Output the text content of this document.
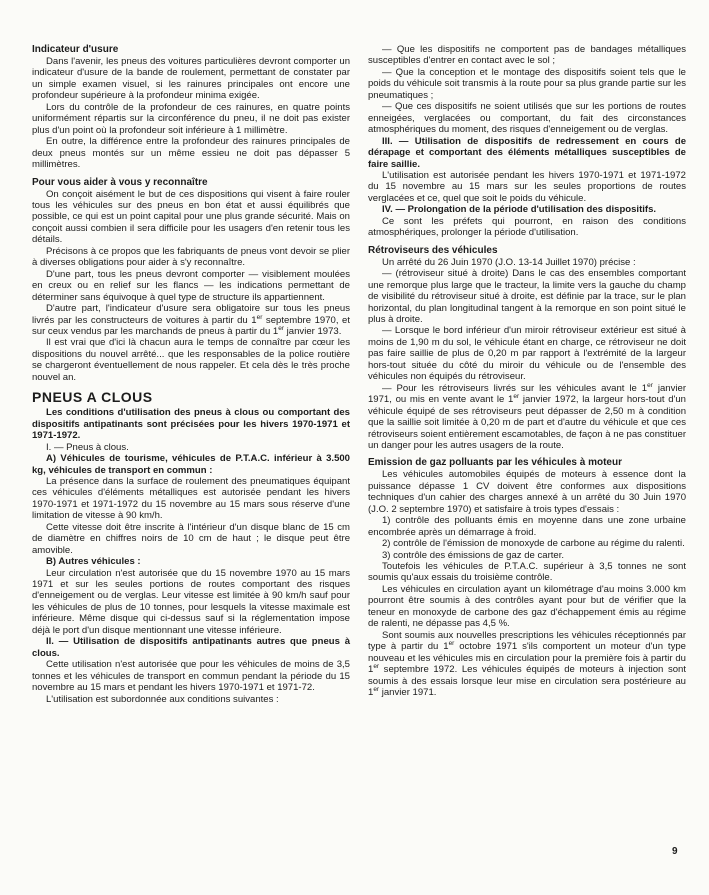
Indicateur d'usure

Dans l'avenir, les pneus des voitures particulières devront comporter un indicateur d'usure de la bande de roulement, permettant de constater par un simple examen visuel, si les rainures principales ont encore une profondeur supérieure à la profondeur minima exigée.

Lors du contrôle de la profondeur de ces rainures, en quatre points uniformément répartis sur la circonférence du pneu, il ne doit pas exister plus d'un point où la profondeur soit inférieure à 1 millimètre.

En outre, la différence entre la profondeur des rainures principales de deux pneus montés sur un même essieu ne doit pas dépasser 5 millimètres.

Pour vous aider à vous y reconnaître

On conçoit aisément le but de ces dispositions qui visent à faire rouler tous les véhicules sur des pneus en bon état et aussi équilibrés que possible, ce qui est un point capital pour une plus grande sécurité. Mais on conçoit aussi combien il sera difficile pour les usagers d'en retenir tous les détails.

Précisons à ce propos que les fabriquants de pneus vont devoir se plier à diverses obligations pour aider à s'y reconnaître.

D'une part, tous les pneus devront comporter — visiblement moulées en creux ou en relief sur les flancs — les indications permettant de déterminer sans équivoque à quel type de structure ils appartiennent.

D'autre part, l'indicateur d'usure sera obligatoire sur tous les pneus livrés par les constructeurs de voitures à partir du 1er septembre 1970, et sur ceux vendus par les marchands de pneus à partir du 1er janvier 1973.

Il est vrai que d'ici là chacun aura le temps de connaître par cœur les dispositions du nouvel arrêté... que les responsables de la police routière se chargeront éventuellement de nous rappeler. Et cela dès le très proche nouvel an.

PNEUS A CLOUS

Les conditions d'utilisation des pneus à clous ou comportant des dispositifs antipatinants sont précisées pour les hivers 1970-1971 et 1971-1972.

I. — Pneus à clous.

A) Véhicules de tourisme, véhicules de P.T.A.C. inférieur à 3.500 kg, véhicules de transport en commun :

La présence dans la surface de roulement des pneumatiques équipant ces véhicules d'éléments métalliques est autorisée pendant les hivers 1970-1971 et 1971-1972 du 15 novembre au 15 mars sous réserve d'une limitation de vitesse à 90 km/h.

Cette vitesse doit être inscrite à l'intérieur d'un disque blanc de 15 cm de diamètre en chiffres noirs de 10 cm de haut ; le disque peut être amovible.

B) Autres véhicules :

Leur circulation n'est autorisée que du 15 novembre 1970 au 15 mars 1971 et sur les seules portions de routes comportant des risques d'enneigement ou de verglas. Leur vitesse est limitée à 90 km/h sauf pour les véhicules de plus de 10 tonnes, pour lesquels la vitesse maximale est inférieure. Même disque qui ci-dessus sauf si la réglementation impose déjà le port d'un disque mentionnant une vitesse inférieure.

II. — Utilisation de dispositifs antipatinants autres que pneus à clous.

Cette utilisation n'est autorisée que pour les véhicules de moins de 3,5 tonnes et les véhicules de transport en commun pendant la période du 15 novembre au 15 mars et pendant les hivers 1970-1971 et 1971-72.

L'utilisation est subordonnée aux conditions suivantes :

— Que les dispositifs ne comportent pas de bandages métalliques susceptibles d'entrer en contact avec le sol ;

— Que la conception et le montage des dispositifs soient tels que le poids du véhicule soit transmis à la route pour sa plus grande partie sur les pneumatiques ;

— Que ces dispositifs ne soient utilisés que sur les portions de routes enneigées, verglacées ou comportant, du fait des circonstances atmosphériques du moment, des risques d'enneigement ou de verglas.

III. — Utilisation de dispositifs de redressement en cours de dérapage et comportant des éléments métalliques susceptibles de faire saillie.

L'utilisation est autorisée pendant les hivers 1970-1971 et 1971-1972 du 15 novembre au 15 mars sur les seules proportions de routes verglacées et ce, quel que soit le poids du véhicule.

IV. — Prolongation de la période d'utilisation des dispositifs.

Ce sont les préfets qui pourront, en raison des conditions atmosphériques, prolonger la période d'utilisation.

Rétroviseurs des véhicules

Un arrêté du 26 Juin 1970 (J.O. 13-14 Juillet 1970) précise :

— (rétroviseur situé à droite) Dans le cas des ensembles comportant une remorque plus large que le tracteur, la limite vers la gauche du champ de visibilité du rétroviseur situé à droite, est définie par la trace, sur le plan horizontal, du plan longitudinal tangent à la remorque en son point situé le plus à droite.

— Lorsque le bord inférieur d'un miroir rétroviseur extérieur est situé à moins de 1,90 m du sol, le véhicule étant en charge, ce rétroviseur ne doit pas faire saillie de plus de 0,20 m par rapport à l'extrémité de la largeur hors-tout située du côté du miroir du véhicule ou de l'ensemble des véhicules non équipés du rétroviseur.

— Pour les rétroviseurs livrés sur les véhicules avant le 1er janvier 1971, ou mis en vente avant le 1er janvier 1972, la largeur hors-tout d'un véhicule équipé de ses rétroviseurs peut dépasser de 2,50 m à condition que la saillie soit limitée à 0,20 m de part et d'autre du véhicule et que ces rétroviseurs soient entièrement escamotables, de façon à ne pas constituer un danger pour les autres usagers de la route.

Emission de gaz polluants par les véhicules à moteur

Les véhicules automobiles équipés de moteurs à essence dont la puissance dépasse 1 CV doivent être conformes aux dispositions techniques d'un cahier des charges annexé à un arrêté du 30 Juin 1970 (J.O. 2 septembre 1970) et satisfaire à trois types d'essais :

1) contrôle des polluants émis en moyenne dans une zone urbaine encombrée après un démarrage à froid.

2) contrôle de l'émission de monoxyde de carbone au régime du ralenti.

3) contrôle des émissions de gaz de carter.

Toutefois les véhicules de P.T.A.C. supérieur à 3,5 tonnes ne sont soumis qu'aux essais du troisième contrôle.

Les véhicules en circulation ayant un kilométrage d'au moins 3.000 km pourront être soumis à des contrôles ayant pour but de vérifier que la teneur en monoxyde de carbone des gaz d'échappement émis au régime de ralenti, ne dépasse pas 4,5 %.

Sont soumis aux nouvelles prescriptions les véhicules réceptionnés par type à partir du 1er octobre 1971 s'ils comportent un moteur d'un type nouveau et les véhicules mis en circulation pour la première fois à partir du 1er septembre 1972. Les véhicules équipés de moteurs à injection sont soumis à des essais lorsque leur mise en circulation sera postérieure au 1er janvier 1971.

9
